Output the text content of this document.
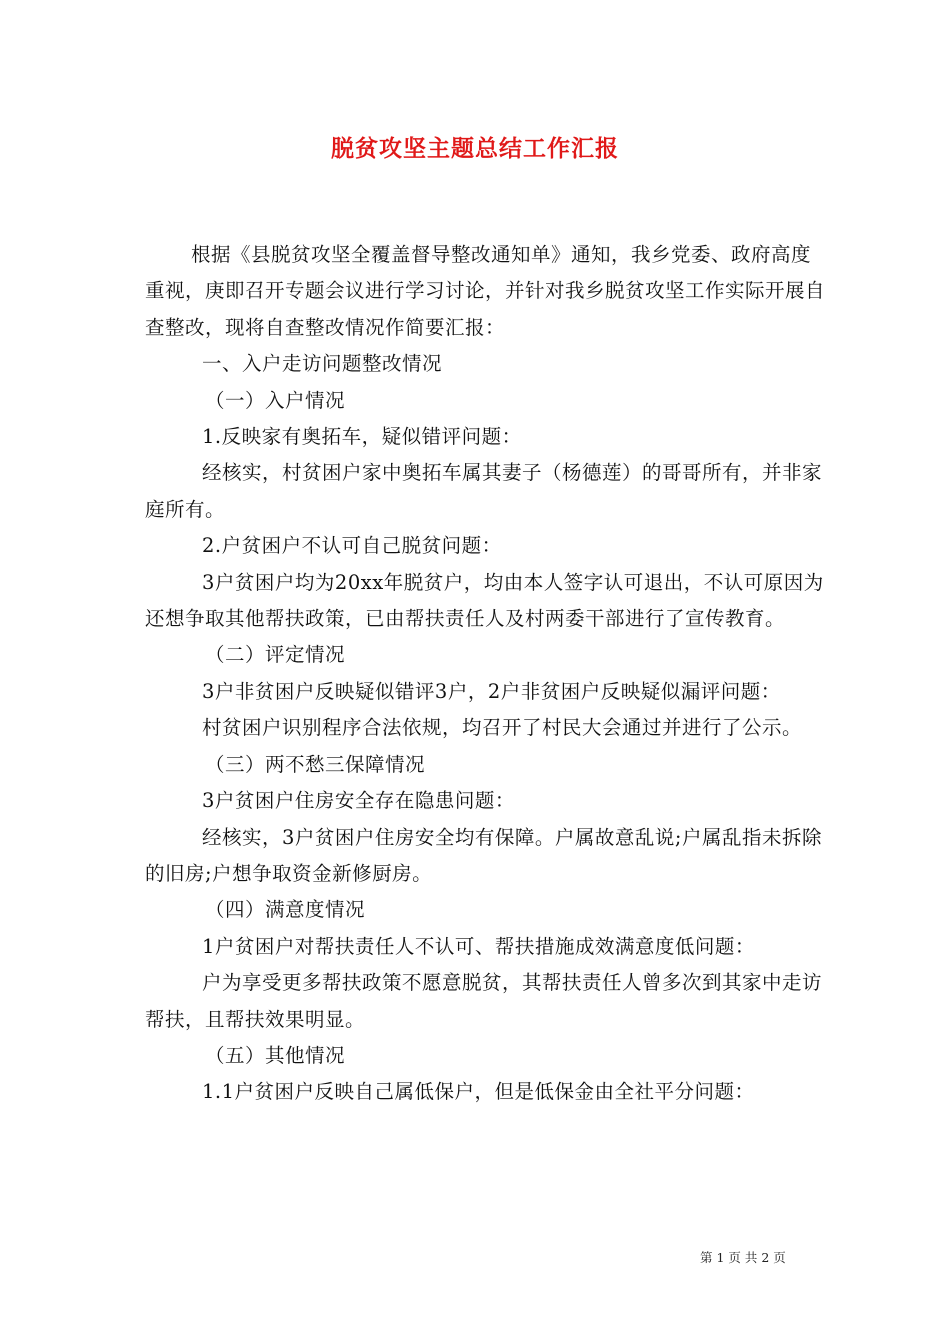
脱贫攻坚主题总结工作汇报

根据《县脱贫攻坚全覆盖督导整改通知单》通知，我乡党委、政府高度重视，庚即召开专题会议进行学习讨论，并针对我乡脱贫攻坚工作实际开展自查整改，现将自查整改情况作简要汇报：

一、入户走访问题整改情况

（一）入户情况

1.反映家有奥拓车，疑似错评问题：

经核实，村贫困户家中奥拓车属其妻子（杨德莲）的哥哥所有，并非家庭所有。

2.户贫困户不认可自己脱贫问题：

3户贫困户均为20xx年脱贫户，均由本人签字认可退出，不认可原因为还想争取其他帮扶政策，已由帮扶责任人及村两委干部进行了宣传教育。

（二）评定情况

3户非贫困户反映疑似错评3户，2户非贫困户反映疑似漏评问题：

村贫困户识别程序合法依规，均召开了村民大会通过并进行了公示。

（三）两不愁三保障情况

3户贫困户住房安全存在隐患问题：

经核实，3户贫困户住房安全均有保障。户属故意乱说;户属乱指未拆除的旧房;户想争取资金新修厨房。

（四）满意度情况

1户贫困户对帮扶责任人不认可、帮扶措施成效满意度低问题：

户为享受更多帮扶政策不愿意脱贫，其帮扶责任人曾多次到其家中走访帮扶，且帮扶效果明显。

（五）其他情况

1.1户贫困户反映自己属低保户，但是低保金由全社平分问题：

第 1 页 共 2 页
